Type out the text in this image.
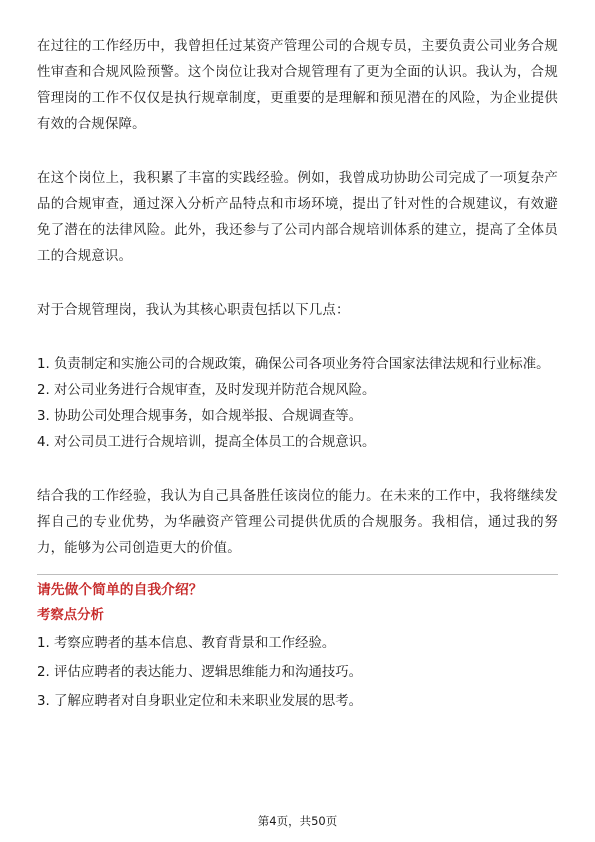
在过往的工作经历中，我曾担任过某资产管理公司的合规专员，主要负责公司业务合规性审查和合规风险预警。这个岗位让我对合规管理有了更为全面的认识。我认为，合规管理岗的工作不仅仅是执行规章制度，更重要的是理解和预见潜在的风险，为企业提供有效的合规保障。

在这个岗位上，我积累了丰富的实践经验。例如，我曾成功协助公司完成了一项复杂产品的合规审查，通过深入分析产品特点和市场环境，提出了针对性的合规建议，有效避免了潜在的法律风险。此外，我还参与了公司内部合规培训体系的建立，提高了全体员工的合规意识。

对于合规管理岗，我认为其核心职责包括以下几点：

1. 负责制定和实施公司的合规政策，确保公司各项业务符合国家法律法规和行业标准。
2. 对公司业务进行合规审查，及时发现并防范合规风险。
3. 协助公司处理合规事务，如合规举报、合规调查等。
4. 对公司员工进行合规培训，提高全体员工的合规意识。

结合我的工作经验，我认为自己具备胜任该岗位的能力。在未来的工作中，我将继续发挥自己的专业优势，为华融资产管理公司提供优质的合规服务。我相信，通过我的努力，能够为公司创造更大的价值。

请先做个简单的自我介绍？

考察点分析

1. 考察应聘者的基本信息、教育背景和工作经验。
2. 评估应聘者的表达能力、逻辑思维能力和沟通技巧。
3. 了解应聘者对自身职业定位和未来职业发展的思考。
第4页，共50页
